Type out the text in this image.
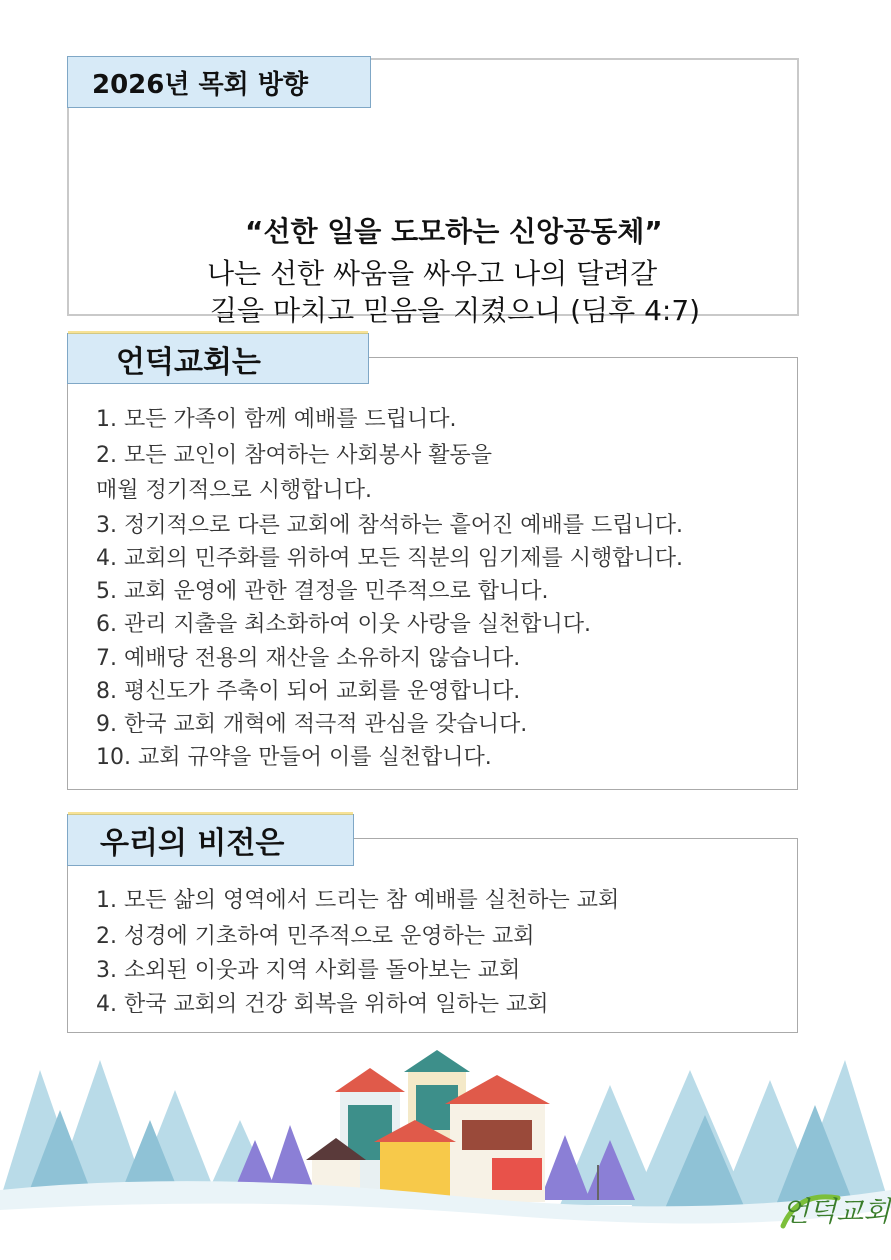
“선한 일을 도모하는 신앙공동체”
나는 선한 싸움을 싸우고 나의 달려갈
길을 마치고 믿음을 지켰으니 (딤후 4:7)
2026년 목회 방향
1. 모든 가족이 함께 예배를 드립니다.
2. 모든 교인이 참여하는 사회봉사 활동을
매월 정기적으로 시행합니다.
3. 정기적으로 다른 교회에 참석하는 흩어진 예배를 드립니다.
4. 교회의 민주화를 위하여 모든 직분의 임기제를 시행합니다.
5. 교회 운영에 관한 결정을 민주적으로 합니다.
6. 관리 지출을 최소화하여 이웃 사랑을 실천합니다.
7. 예배당 전용의 재산을 소유하지 않습니다.
8. 평신도가 주축이 되어 교회를 운영합니다.
9. 한국 교회 개혁에 적극적 관심을 갖습니다.
10. 교회 규약을 만들어 이를 실천합니다.
언덕교회는
1. 모든 삶의 영역에서 드리는 참 예배를 실천하는 교회
2. 성경에 기초하여 민주적으로 운영하는 교회
3. 소외된 이웃과 지역 사회를 돌아보는 교회
4. 한국 교회의 건강 회복을 위하여 일하는 교회
우리의 비전은
언덕교회
